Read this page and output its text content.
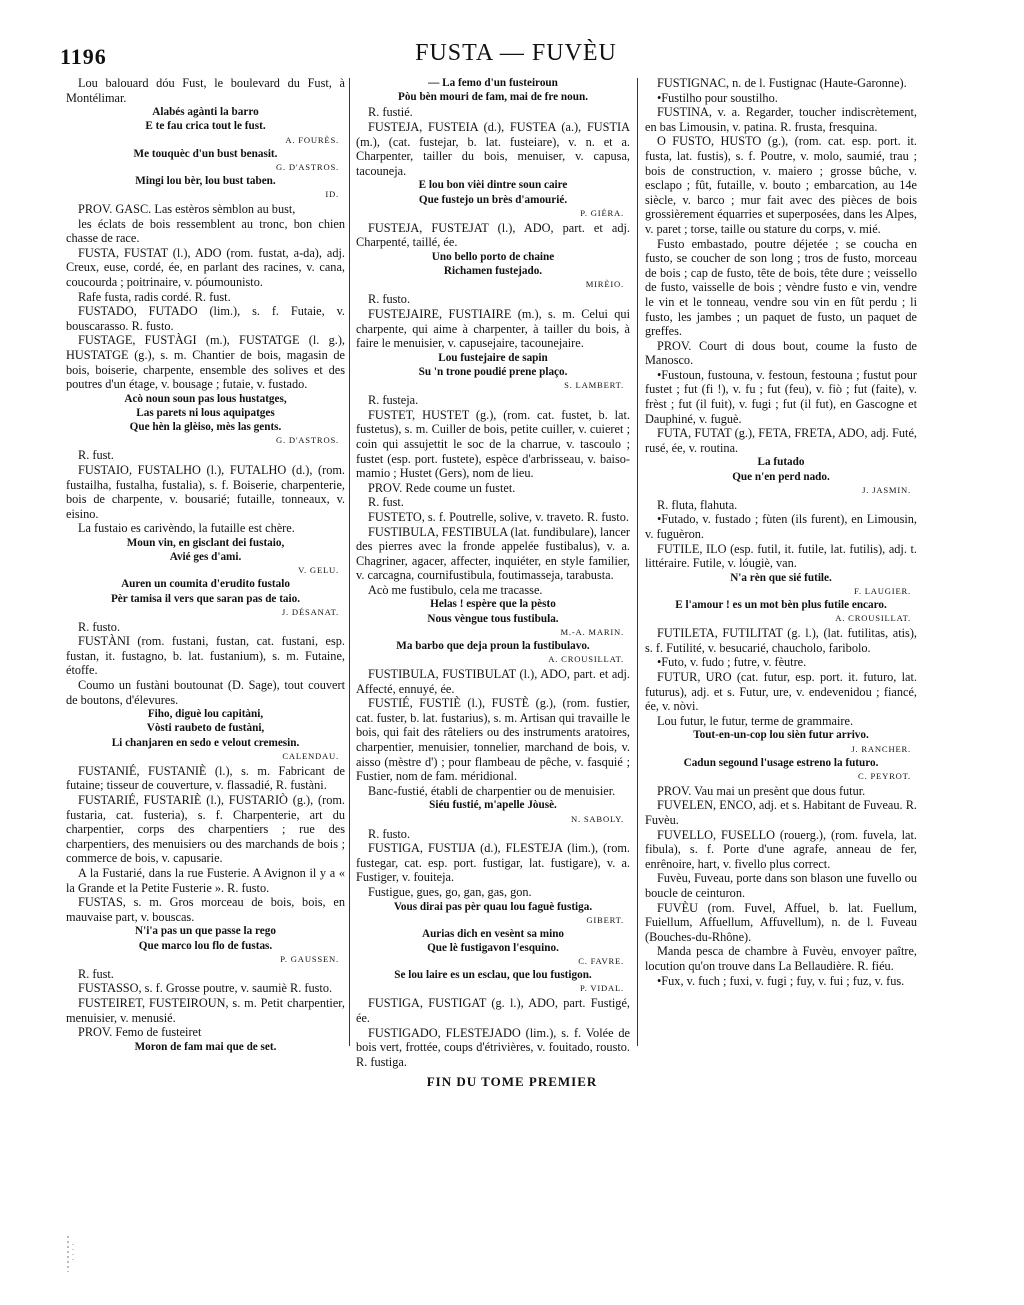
1196	FUSTA — FUVÈU

Lou balouard dóu Fust, le boulevard du Fust, à Montélimar.

Alabés agànti la barro
E te fau crica tout le fust.
A. FOURÈS.
Me touquèc d'un bust benasit.
G. D'ASTROS.
Mingi lou bèr, lou bust taben.
ID.

PROV. GASC. Las estèros sèmblon au bust,

les éclats de bois ressemblent au tronc, bon chien chasse de race.

FUSTA, FUSTAT (l.), ADO (rom. fustat, a-da), adj. Creux, euse, cordé, ée, en parlant des racines, v. cana, coucourda ; poitrinaire, v. póumounisto.

Rafe fusta, radis cordé. R. fust.

FUSTADO, FUTADO (lim.), s. f. Futaie, v. bouscarasso. R. fusto.

FUSTAGE, FUSTÀGI (m.), FUSTATGE (l. g.), HUSTATGE (g.), s. m. Chantier de bois, magasin de bois, boiserie, charpente, ensemble des solives et des poutres d'un étage, v. bousage ; futaie, v. fustado.

Acò noun soun pas lous hustatges,
Las parets ni lous aquipatges
Que hèn la glèiso, mès las gents.
G. D'ASTROS.

R. fust.

FUSTAIO, FUSTALHO (l.), FUTALHO (d.), (rom. fustailha, fustalha, fustalia), s. f. Boiserie, charpenterie, bois de charpente, v. bousarié; futaille, tonneaux, v. eisino.

La fustaio es carivèndo, la futaille est chère.

Moun vin, en gisclant dei fustaio,
Avié ges d'ami.
V. GELU.
Auren un coumita d'erudito fustalo
Pèr tamisa il vers que saran pas de taio.
J. DÉSANAT.

R. fusto.

FUSTÀNI (rom. fustani, fustan, cat. fustani, esp. fustan, it. fustagno, b. lat. fustanium), s. m. Futaine, étoffe.

Coumo un fustàni boutounat (D. Sage), tout couvert de boutons, d'élevures.

Fiho, diguè lou capitàni,
Vòsti raubeto de fustàni,
Li chanjaren en sedo e velout cremesin.
CALENDAU.

FUSTANIÉ, FUSTANIÈ (l.), s. m. Fabricant de futaine; tisseur de couverture, v. flassadié, R. fustàni.

FUSTARIÉ, FUSTARIÈ (l.), FUSTARIÒ (g.), (rom. fustaria, cat. fusteria), s. f. Charpenterie, art du charpentier, corps des charpentiers ; rue des charpentiers, des menuisiers ou des marchands de bois ; commerce de bois, v. capusarie.

A la Fustarié, dans la rue Fusterie. A Avignon il y a « la Grande et la Petite Fusterie ». R. fusto.

FUSTAS, s. m. Gros morceau de bois, bois, en mauvaise part, v. bouscas.

N'i'a pas un que passe la rego
Que marco lou flo de fustas.
P. GAUSSEN.

R. fust.

FUSTASSO, s. f. Grosse poutre, v. saumiè R. fusto.

FUSTEIRET, FUSTEIROUN, s. m. Petit charpentier, menuisier, v. menusié.

PROV. Femo de fusteiret

Moron de fam mai que de set.
— La femo d'un fusteiroun
Pòu bèn mouri de fam, mai de fre noun.

R. fustié.

FUSTEJA, FUSTEIA (d.), FUSTEA (a.), FUSTIA (m.), (cat. fustejar, b. lat. fusteiare), v. n. et a. Charpenter, tailler du bois, menuiser, v. capusa, tacouneja.

E lou bon vièi dintre soun caire
Que fustejo un brès d'amourié.
P. GIÉRA.

FUSTEJA, FUSTEJAT (l.), ADO, part. et adj. Charpenté, taillé, ée.

Uno bello porto de chaine
Richamen fustejado.
MIRÈIO.

R. fusto.

FUSTEJAIRE, FUSTIAIRE (m.), s. m. Celui qui charpente, qui aime à charpenter, à tailler du bois, à faire le menuisier, v. capusejaire, tacounejaire.

Lou fustejaire de sapin
Su 'n trone poudié prene plaço.
S. LAMBERT.

R. fusteja.

FUSTET, HUSTET (g.), (rom. cat. fustet, b. lat. fustetus), s. m. Cuiller de bois, petite cuiller, v. cuieret ; coin qui assujettit le soc de la charrue, v. tascoulo ; fustet (esp. port. fustete), espèce d'arbrisseau, v. baiso-mamio ; Hustet (Gers), nom de lieu.

PROV. Rede coume un fustet.

R. fust.

FUSTETO, s. f. Poutrelle, solive, v. traveto. R. fusto.

FUSTIBULA, FESTIBULA (lat. fundibulare), lancer des pierres avec la fronde appelée fustibalus), v. a. Chagriner, agacer, affecter, inquiéter, en style familier, v. carcagna, cournifustibula, foutimasseja, tarabusta.

Acò me fustibulo, cela me tracasse.

Helas ! espère que la pèsto
Nous vèngue tous fustibula.
M.-A. MARIN.
Ma barbo que deja proun la fustibulavo.
A. CROUSILLAT.

FUSTIBULA, FUSTIBULAT (l.), ADO, part. et adj. Affecté, ennuyé, ée.

FUSTIÉ, FUSTIÈ (l.), FUSTÈ (g.), (rom. fustier, cat. fuster, b. lat. fustarius), s. m. Artisan qui travaille le bois, qui fait des râteliers ou des instruments aratoires, charpentier, menuisier, tonnelier, marchand de bois, v. aisso (mèstre d') ; pour flambeau de pêche, v. fasquié ; Fustier, nom de fam. méridional.

Banc-fustié, établi de charpentier ou de menuisier.

Siéu fustié, m'apelle Jòusè.
N. SABOLY.

R. fusto.

FUSTIGA, FUSTIJA (d.), FLESTEJA (lim.), (rom. fustegar, cat. esp. port. fustigar, lat. fustigare), v. a. Fustiger, v. fouiteja.

Fustigue, gues, go, gan, gas, gon.

Vous dirai pas pèr quau lou faguè fustiga.
GIBERT.
Aurias dich en vesènt sa mino
Que lè fustigavon l'esquino.
C. FAVRE.
Se lou laire es un esclau, que lou fustigon.
P. VIDAL.

FUSTIGA, FUSTIGAT (g. l.), ADO, part. Fustigé, ée.

FUSTIGADO, FLESTEJADO (lim.), s. f. Volée de bois vert, frottée, coups d'étrivières, v. fouitado, rousto. R. fustiga.

FUSTIGNAC, n. de l. Fustignac (Haute-Garonne).

•Fustilho pour soustilho.

FUSTINA, v. a. Regarder, toucher indiscrètement, en bas Limousin, v. patina. R. frusta, fresquina.

O FUSTO, HUSTO (g.), (rom. cat. esp. port. it. fusta, lat. fustis), s. f. Poutre, v. molo, saumié, trau ; bois de construction, v. maiero ; grosse bûche, v. esclapo ; fût, futaille, v. bouto ; embarcation, au 14e siècle, v. barco ; mur fait avec des pièces de bois grossièrement équarries et superposées, dans les Alpes, v. paret ; torse, taille ou stature du corps, v. mié.

Fusto embastado, poutre déjetée ; se coucha en fusto, se coucher de son long ; tros de fusto, morceau de bois ; cap de fusto, tête de bois, tête dure ; veissello de fusto, vaisselle de bois ; vèndre fusto e vin, vendre le vin et le tonneau, vendre sou vin en fût perdu ; li fusto, les jambes ; un paquet de fusto, un paquet de greffes.

PROV. Court di dous bout, coume la fusto de Manosco.

•Fustoun, fustouna, v. festoun, festouna ; fustut pour fustet ; fut (fi !), v. fu ; fut (feu), v. fiò ; fut (faite), v. frèst ; fut (il fuit), v. fugi ; fut (il fut), en Gascogne et Dauphiné, v. fuguè.

FUTA, FUTAT (g.), FETA, FRETA, ADO, adj. Futé, rusé, ée, v. routina.

La futado
Que n'en perd nado.
J. JASMIN.

R. fluta, flahuta.

•Futado, v. fustado ; fùten (ils furent), en Limousin, v. fuguèron.

FUTILE, ILO (esp. futil, it. futile, lat. futilis), adj. t. littéraire. Futile, v. lóugiè, van.

N'a rèn que sié futile.
F. LAUGIER.
E l'amour ! es un mot bèn plus futile encaro.
A. CROUSILLAT.

FUTILETA, FUTILITAT (g. l.), (lat. futilitas, atis), s. f. Futilité, v. besucarié, chaucholo, faribolo.

•Futo, v. fudo ; futre, v. fèutre.

FUTUR, URO (cat. futur, esp. port. it. futuro, lat. futurus), adj. et s. Futur, ure, v. endevenidou ; fiancé, ée, v. nòvi.

Lou futur, le futur, terme de grammaire.

Tout-en-un-cop lou sièn futur arrivo.
J. RANCHER.
Cadun segound l'usage estreno la futuro.
C. PEYROT.

PROV. Vau mai un presènt que dous futur.

FUVELEN, ENCO, adj. et s. Habitant de Fuveau. R. Fuvèu.

FUVELLO, FUSELLO (rouerg.), (rom. fuvela, lat. fibula), s. f. Porte d'une agrafe, anneau de fer, enrênoire, hart, v. fivello plus correct.

Fuvèu, Fuveau, porte dans son blason une fuvello ou boucle de ceinturon.

FUVÈU (rom. Fuvel, Affuel, b. lat. Fuellum, Fuiellum, Affuellum, Affuvellum), n. de l. Fuveau (Bouches-du-Rhône).

Manda pesca de chambre à Fuvèu, envoyer paître, locution qu'on trouve dans La Bellaudière. R. fiéu.

•Fux, v. fuch ; fuxi, v. fugi ; fuy, v. fui ; fuz, v. fus.

FIN DU TOME PREMIER
